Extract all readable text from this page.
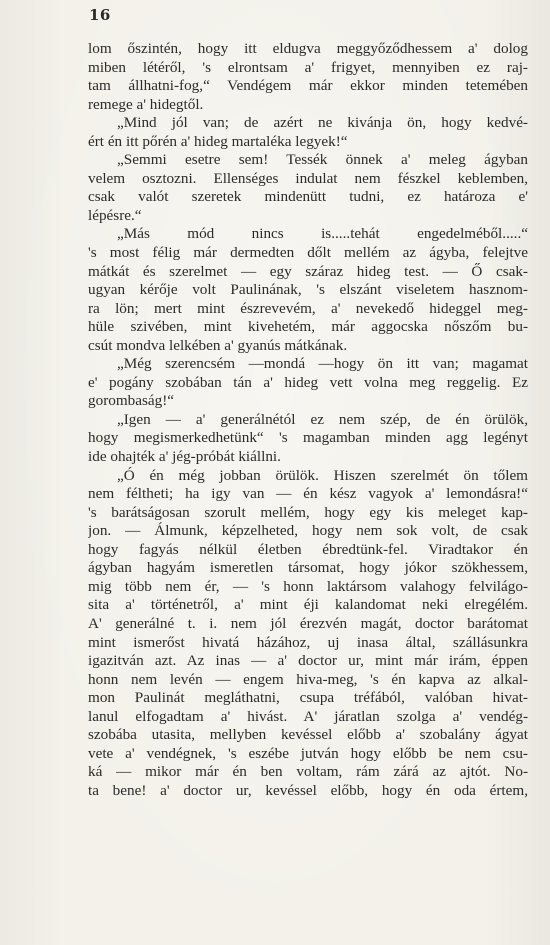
16
lom őszintén, hogy itt eldugva meggyőződhessem a' dolog
miben létéről, 's elrontsam a' frigyet, mennyiben ez raj-
tam állhatni-fog,“ Vendégem már ekkor minden tetemében
remege a' hidegtől.
„Mind jól van; de azért ne kivánja ön, hogy kedvé-
ért én itt pőrén a' hideg martaléka legyek!“
„Semmi esetre sem! Tessék önnek a' meleg ágyban
velem osztozni. Ellenséges indulat nem fészkel keblemben,
csak valót szeretek mindenütt tudni, ez határoza e'
lépésre.“
„Más mód nincs is.....tehát engedelméből.....“
's most félig már dermedten dőlt mellém az ágyba, felejtve
mátkát és szerelmet — egy száraz hideg test. — Ő csak-
ugyan kérője volt Paulinának, 's elszánt viseletem hasznom-
ra lön; mert mint észrevevém, a' nevekedő hideggel meg-
hüle szivében, mint kivehetém, már aggocska nőszőm bu-
csút mondva lelkében a' gyanús mátkának.
„Még szerencsém —mondá —hogy ön itt van; magamat
e' pogány szobában tán a' hideg vett volna meg reggelig. Ez
gorombaság!“
„Igen — a' generálnétól ez nem szép, de én örülök,
hogy megismerkedhetünk“ 's magamban minden agg legényt
ide ohajték a' jég-próbát kiállni.
„Ó én még jobban örülök. Hiszen szerelmét ön tőlem
nem féltheti; ha igy van — én kész vagyok a' lemondásra!“
's barátságosan szorult mellém, hogy egy kis meleget kap-
jon. — Álmunk, képzelheted, hogy nem sok volt, de csak
hogy fagyás nélkül életben ébredtünk-fel. Viradtakor én
ágyban hagyám ismeretlen társomat, hogy jókor szökhessem,
mig több nem ér, — 's honn laktársom valahogy felvilágo-
sita a' történetről, a' mint éji kalandomat neki elregélém.
A' generálné t. i. nem jól érezvén magát, doctor barátomat
mint ismerőst hivatá házához, uj inasa által, szállásunkra
igazitván azt. Az inas — a' doctor ur, mint már irám, éppen
honn nem levén — engem hiva-meg, 's én kapva az alkal-
mon Paulinát megláthatni, csupa tréfából, valóban hivat-
lanul elfogadtam a' hivást. A' járatlan szolga a' vendég-
szobába utasita, mellyben kevéssel előbb a' szobalány ágyat
vete a' vendégnek, 's eszébe jutván hogy előbb be nem csu-
ká — mikor már én ben voltam, rám zárá az ajtót. No-
ta bene! a' doctor ur, kevéssel előbb, hogy én oda értem,
